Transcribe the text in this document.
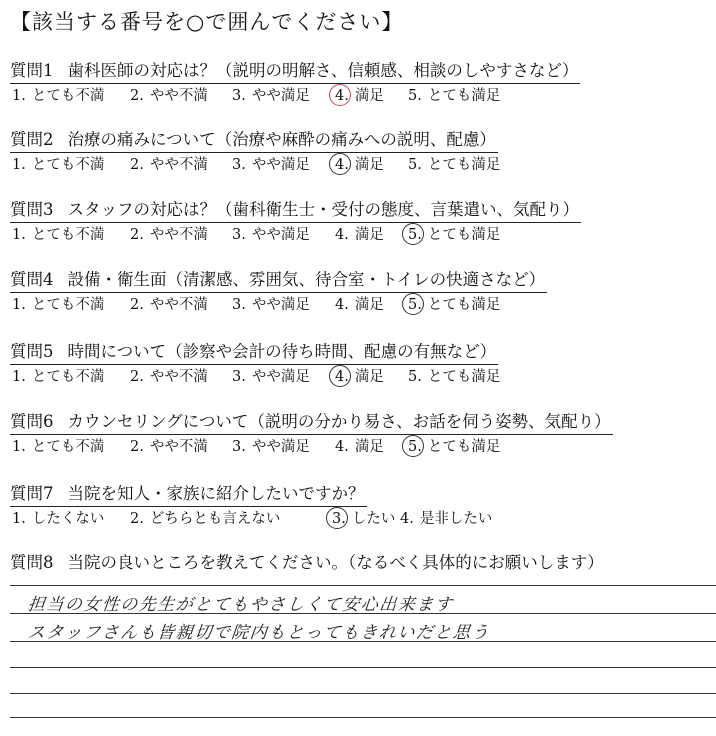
【該当する番号を○で囲んでください】
質問1 歯科医師の対応は？（説明の明解さ、信頼感、相談のしやすさなど）
1. とても不満 2. やや不満 3. やや満足 4. 満足 5. とても満足
質問2 治療の痛みについて（治療や麻酔の痛みへの説明、配慮）
1. とても不満 2. やや不満 3. やや満足 4. 満足 5. とても満足
質問3 スタッフの対応は？（歯科衛生士・受付の態度、言葉遣い、気配り）
1. とても不満 2. やや不満 3. やや満足 4. 満足 5. とても満足
質問4 設備・衛生面（清潔感、雰囲気、待合室・トイレの快適さなど）
1. とても不満 2. やや不満 3. やや満足 4. 満足 5. とても満足
質問5 時間について（診察や会計の待ち時間、配慮の有無など）
1. とても不満 2. やや不満 3. やや満足 4. 満足 5. とても満足
質問6 カウンセリングについて（説明の分かり易さ、お話を伺う姿勢、気配り）
1. とても不満 2. やや不満 3. やや満足 4. 満足 5. とても満足
質問7 当院を知人・家族に紹介したいですか？
1. したくない 2. どちらとも言えない	3. したい 4. 是非したい
質問8 当院の良いところを教えてください。（なるべく具体的にお願いします）
担当の女性の先生がとてもやさしくて安心出来ます
スタッフさんも皆親切で院内もとってもきれいだと思う
